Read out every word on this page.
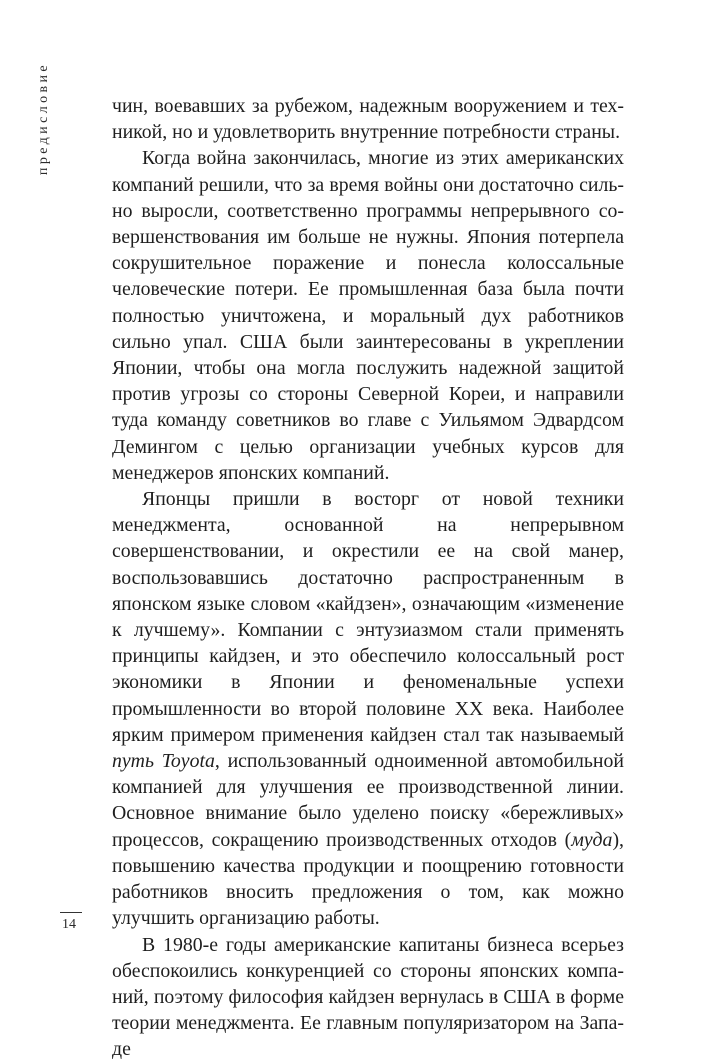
предисловие	чин, воевавших за рубежом, надежным вооружением и техникой, но и удовлетворить внутренние потребности страны.

Когда война закончилась, многие из этих американских компаний решили, что за время войны они достаточно сильно выросли, соответственно программы непрерывного совершенствования им больше не нужны. Япония потерпела сокрушительное поражение и понесла колоссальные человеческие потери. Ее промышленная база была почти полностью уничтожена, и моральный дух работников сильно упал. США были заинтересованы в укреплении Японии, чтобы она могла послужить надежной защитой против угрозы со стороны Северной Кореи, и направили туда команду советников во главе с Уильямом Эдвардсом Демингом с целью организации учебных курсов для менеджеров японских компаний.

Японцы пришли в восторг от новой техники менеджмента, основанной на непрерывном совершенствовании, и окрестили ее на свой манер, воспользовавшись достаточно распространенным в японском языке словом «кайдзен», означающим «изменение к лучшему». Компании с энтузиазмом стали применять принципы кайдзен, и это обеспечило колоссальный рост экономики в Японии и феноменальные успехи промышленности во второй половине XX века. Наиболее ярким примером применения кайдзен стал так называемый путь Toyota, использованный одноименной автомобильной компанией для улучшения ее производственной линии. Основное внимание было уделено поиску «бережливых» процессов, сокращению производственных отходов (муда), повышению качества продукции и поощрению готовности работников вносить предложения о том, как можно улучшить организацию работы.

В 1980-е годы американские капитаны бизнеса всерьез обеспокоились конкуренцией со стороны японских компаний, поэтому философия кайдзен вернулась в США в форме теории менеджмента. Ее главным популяризатором на Западе

14
